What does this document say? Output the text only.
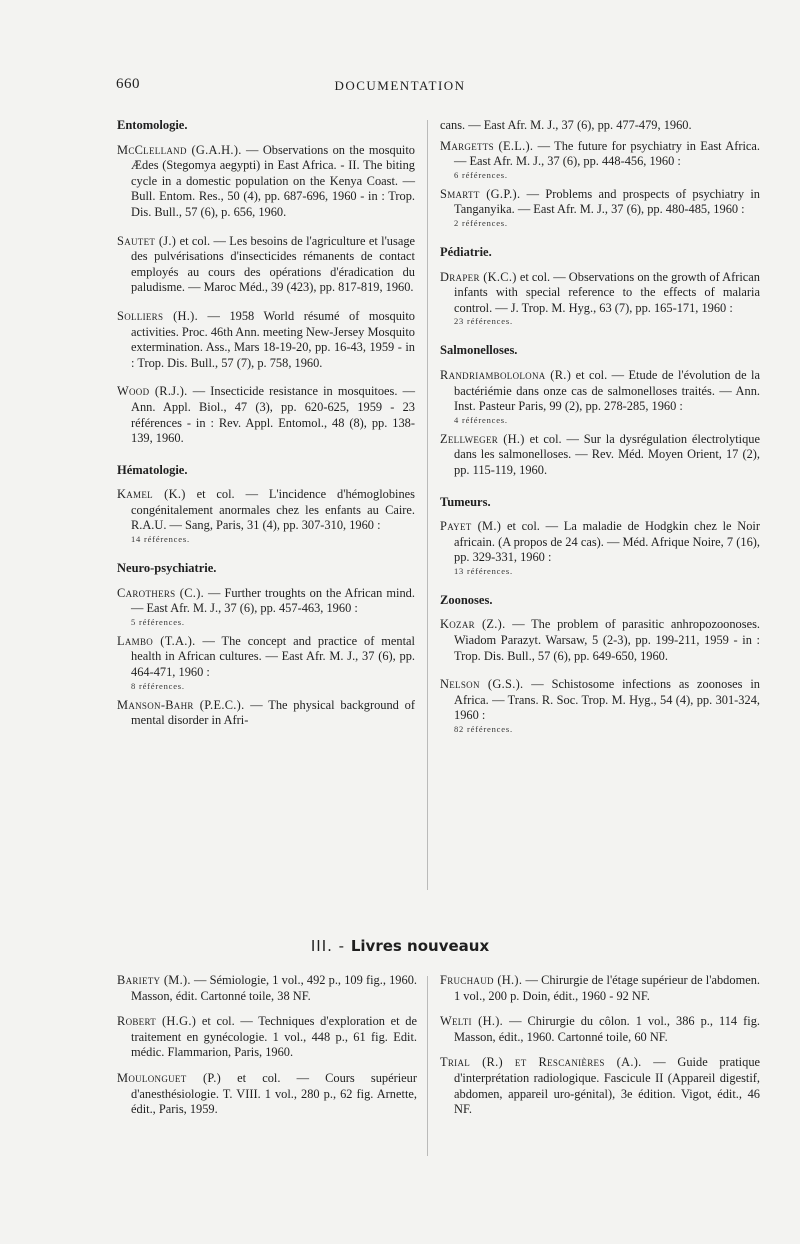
660	DOCUMENTATION
Entomologie.

McClelland (G.A.H.). — Observations on the mosquito Ædes (Stegomya aegypti) in East Africa. - II. The biting cycle in a domestic population on the Kenya Coast. — Bull. Entom. Res., 50 (4), pp. 687-696, 1960 - in : Trop. Dis. Bull., 57 (6), p. 656, 1960.

Sautet (J.) et col. — Les besoins de l'agriculture et l'usage des pulvérisations d'insecticides rémanents de contact employés au cours des opérations d'éradication du paludisme. — Maroc Méd., 39 (423), pp. 817-819, 1960.

Solliers (H.). — 1958 World résumé of mosquito activities. Proc. 46th Ann. meeting New-Jersey Mosquito extermination. Ass., Mars 18-19-20, pp. 16-43, 1959 - in : Trop. Dis. Bull., 57 (7), p. 758, 1960.

Wood (R.J.). — Insecticide resistance in mosquitoes. — Ann. Appl. Biol., 47 (3), pp. 620-625, 1959 - 23 références - in : Rev. Appl. Entomol., 48 (8), pp. 138-139, 1960.

Hématologie.

Kamel (K.) et col. — L'incidence d'hémoglobines congénitalement anormales chez les enfants au Caire. R.A.U. — Sang, Paris, 31 (4), pp. 307-310, 1960 :
14 références.

Neuro-psychiatrie.

Carothers (C.). — Further troughts on the African mind. — East Afr. M. J., 37 (6), pp. 457-463, 1960 :
5 références.

Lambo (T.A.). — The concept and practice of mental health in African cultures. — East Afr. M. J., 37 (6), pp. 464-471, 1960 :
8 références.

Manson-Bahr (P.E.C.). — The physical background of mental disorder in Afri-

cans. — East Afr. M. J., 37 (6), pp. 477-479, 1960.

Margetts (E.L.). — The future for psychiatry in East Africa. — East Afr. M. J., 37 (6), pp. 448-456, 1960 :
6 références.

Smartt (G.P.). — Problems and prospects of psychiatry in Tanganyika. — East Afr. M. J., 37 (6), pp. 480-485, 1960 :
2 références.

Pédiatrie.

Draper (K.C.) et col. — Observations on the growth of African infants with special reference to the effects of malaria control. — J. Trop. M. Hyg., 63 (7), pp. 165-171, 1960 :
23 références.

Salmonelloses.

Randriambololona (R.) et col. — Etude de l'évolution de la bactériémie dans onze cas de salmonelloses traités. — Ann. Inst. Pasteur Paris, 99 (2), pp. 278-285, 1960 :
4 références.

Zellweger (H.) et col. — Sur la dysrégulation électrolytique dans les salmonelloses. — Rev. Méd. Moyen Orient, 17 (2), pp. 115-119, 1960.

Tumeurs.

Payet (M.) et col. — La maladie de Hodgkin chez le Noir africain. (A propos de 24 cas). — Méd. Afrique Noire, 7 (16), pp. 329-331, 1960 :
13 références.

Zoonoses.

Kozar (Z.). — The problem of parasitic anhropozoonoses. Wiadom Parazyt. Warsaw, 5 (2-3), pp. 199-211, 1959 - in : Trop. Dis. Bull., 57 (6), pp. 649-650, 1960.

Nelson (G.S.). — Schistosome infections as zoonoses in Africa. — Trans. R. Soc. Trop. M. Hyg., 54 (4), pp. 301-324, 1960 :
82 références.

III. - Livres nouveaux

Bariety (M.). — Sémiologie, 1 vol., 492 p., 109 fig., 1960. Masson, édit. Cartonné toile, 38 NF.

Robert (H.G.) et col. — Techniques d'exploration et de traitement en gynécologie. 1 vol., 448 p., 61 fig. Edit. médic. Flammarion, Paris, 1960.

Moulonguet (P.) et col. — Cours supérieur d'anesthésiologie. T. VIII. 1 vol., 280 p., 62 fig. Arnette, édit., Paris, 1959.

Fruchaud (H.). — Chirurgie de l'étage supérieur de l'abdomen. 1 vol., 200 p. Doin, édit., 1960 - 92 NF.

Welti (H.). — Chirurgie du côlon. 1 vol., 386 p., 114 fig. Masson, édit., 1960. Cartonné toile, 60 NF.

Trial (R.) et Rescanières (A.). — Guide pratique d'interprétation radiologique. Fascicule II (Appareil digestif, abdomen, appareil uro-génital), 3e édition. Vigot, édit., 46 NF.
